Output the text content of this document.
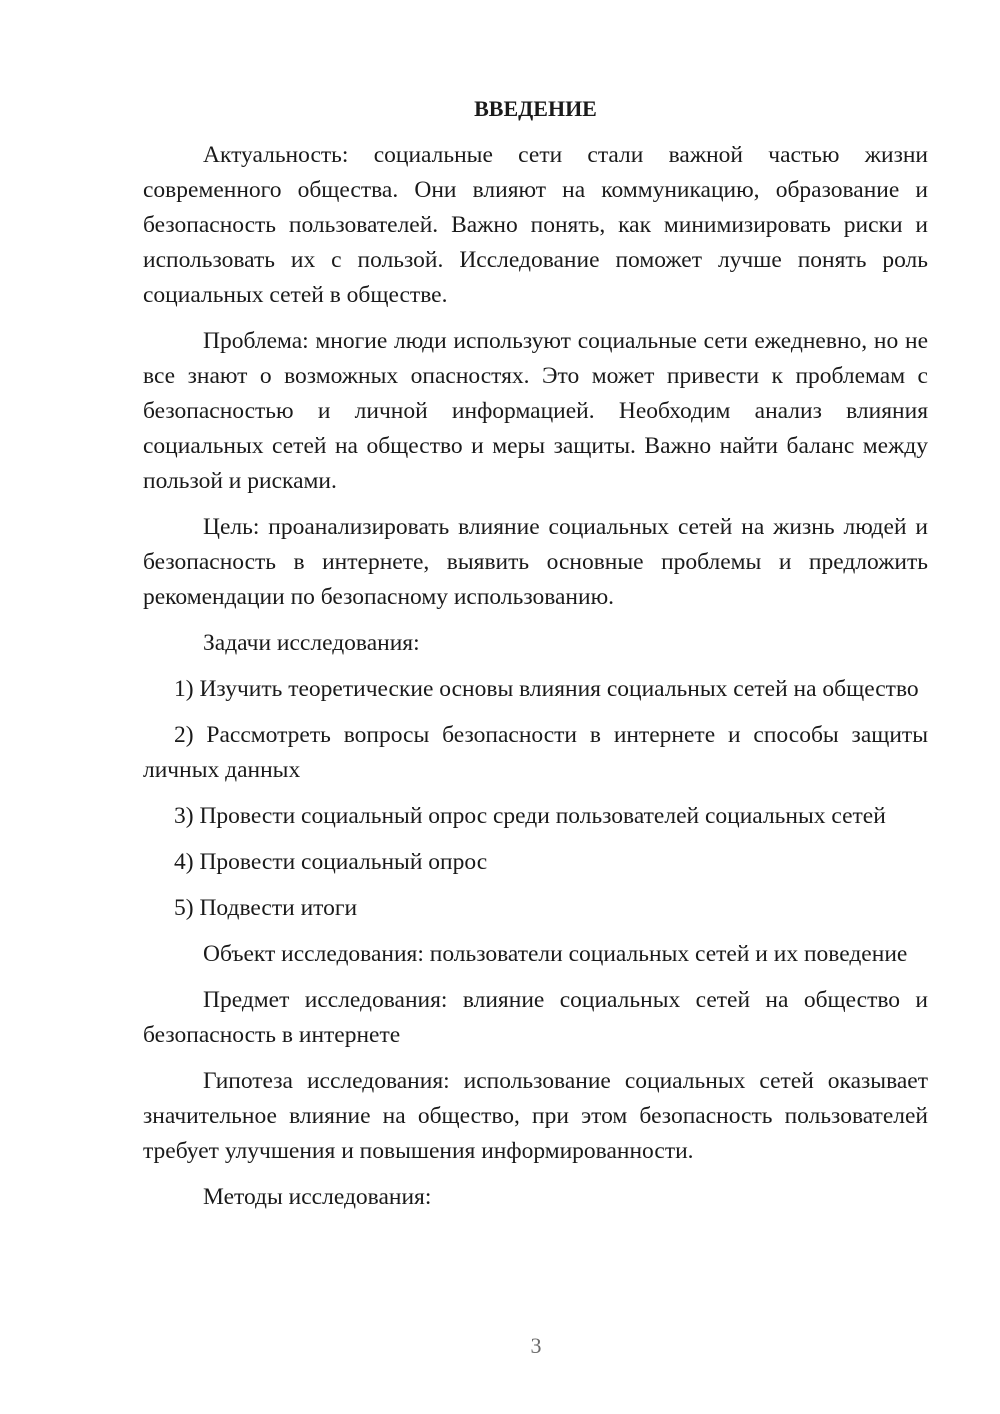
ВВЕДЕНИЕ

Актуальность: социальные сети стали важной частью жизни современного общества. Они влияют на коммуникацию, образование и безопасность пользователей. Важно понять, как минимизировать риски и использовать их с пользой. Исследование поможет лучше понять роль социальных сетей в обществе.

Проблема: многие люди используют социальные сети ежедневно, но не все знают о возможных опасностях. Это может привести к проблемам с безопасностью и личной информацией. Необходим анализ влияния социальных сетей на общество и меры защиты. Важно найти баланс между пользой и рисками.

Цель: проанализировать влияние социальных сетей на жизнь людей и безопасность в интернете, выявить основные проблемы и предложить рекомендации по безопасному использованию.

Задачи исследования:

1) Изучить теоретические основы влияния социальных сетей на общество

2) Рассмотреть вопросы безопасности в интернете и способы защиты личных данных

3) Провести социальный опрос среди пользователей социальных сетей

4) Провести социальный опрос

5) Подвести итоги

Объект исследования: пользователи социальных сетей и их поведение

Предмет исследования: влияние социальных сетей на общество и безопасность в интернете

Гипотеза исследования: использование социальных сетей оказывает значительное влияние на общество, при этом безопасность пользователей требует улучшения и повышения информированности.

Методы исследования:

3
